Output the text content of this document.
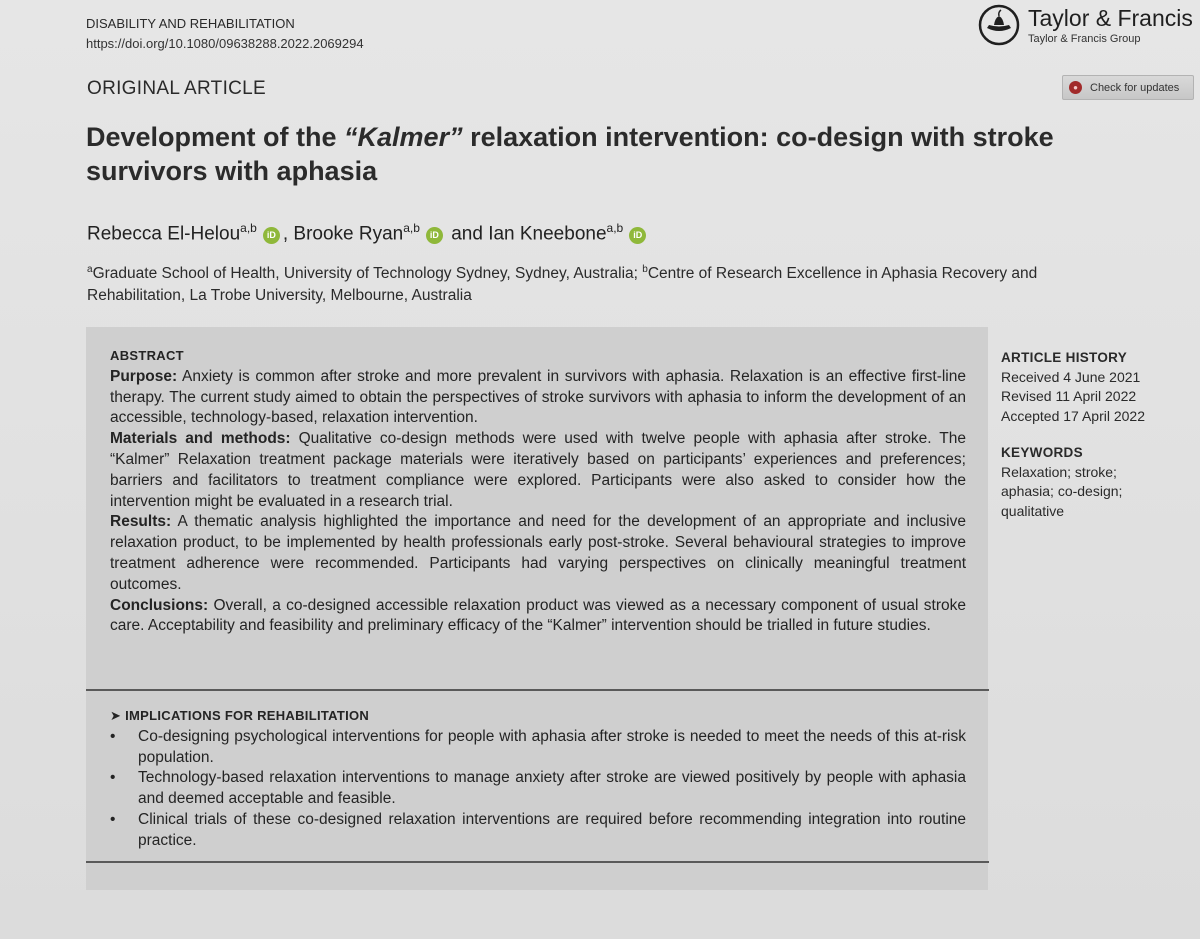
DISABILITY AND REHABILITATION
https://doi.org/10.1080/09638288.2022.2069294
Taylor & Francis
Taylor & Francis Group
ORIGINAL ARTICLE	●	Check for updates
Development of the “Kalmer” relaxation intervention: co-design with stroke survivors with aphasia
Rebecca El-Helou$^{a,b}$iD , Brooke Ryan$^{a,b}$iD and Ian Kneebone$^{a,b}$iD
$^a$Graduate School of Health, University of Technology Sydney, Sydney, Australia; $^b$Centre of Research Excellence in Aphasia Recovery and Rehabilitation, La Trobe University, Melbourne, Australia
ABSTRACT

Purpose: Anxiety is common after stroke and more prevalent in survivors with aphasia. Relaxation is an effective first-line therapy. The current study aimed to obtain the perspectives of stroke survivors with aphasia to inform the development of an accessible, technology-based, relaxation intervention.

Materials and methods: Qualitative co-design methods were used with twelve people with aphasia after stroke. The “Kalmer” Relaxation treatment package materials were iteratively based on participants’ experiences and preferences; barriers and facilitators to treatment compliance were explored. Participants were also asked to consider how the intervention might be evaluated in a research trial.

Results: A thematic analysis highlighted the importance and need for the development of an appropriate and inclusive relaxation product, to be implemented by health professionals early post-stroke. Several behavioural strategies to improve treatment adherence were recommended. Participants had varying perspectives on clinically meaningful treatment outcomes.

Conclusions: Overall, a co-designed accessible relaxation product was viewed as a necessary component of usual stroke care. Acceptability and feasibility and preliminary efficacy of the “Kalmer” intervention should be trialled in future studies.

➤ IMPLICATIONS FOR REHABILITATION
• Co-designing psychological interventions for people with aphasia after stroke is needed to meet the needs of this at-risk population.
• Technology-based relaxation interventions to manage anxiety after stroke are viewed positively by people with aphasia and deemed acceptable and feasible.
• Clinical trials of these co-designed relaxation interventions are required before recommending integration into routine practice.
ARTICLE HISTORY
Received 4 June 2021
Revised 11 April 2022
Accepted 17 April 2022
KEYWORDS
Relaxation; stroke; aphasia; co-design; qualitative
